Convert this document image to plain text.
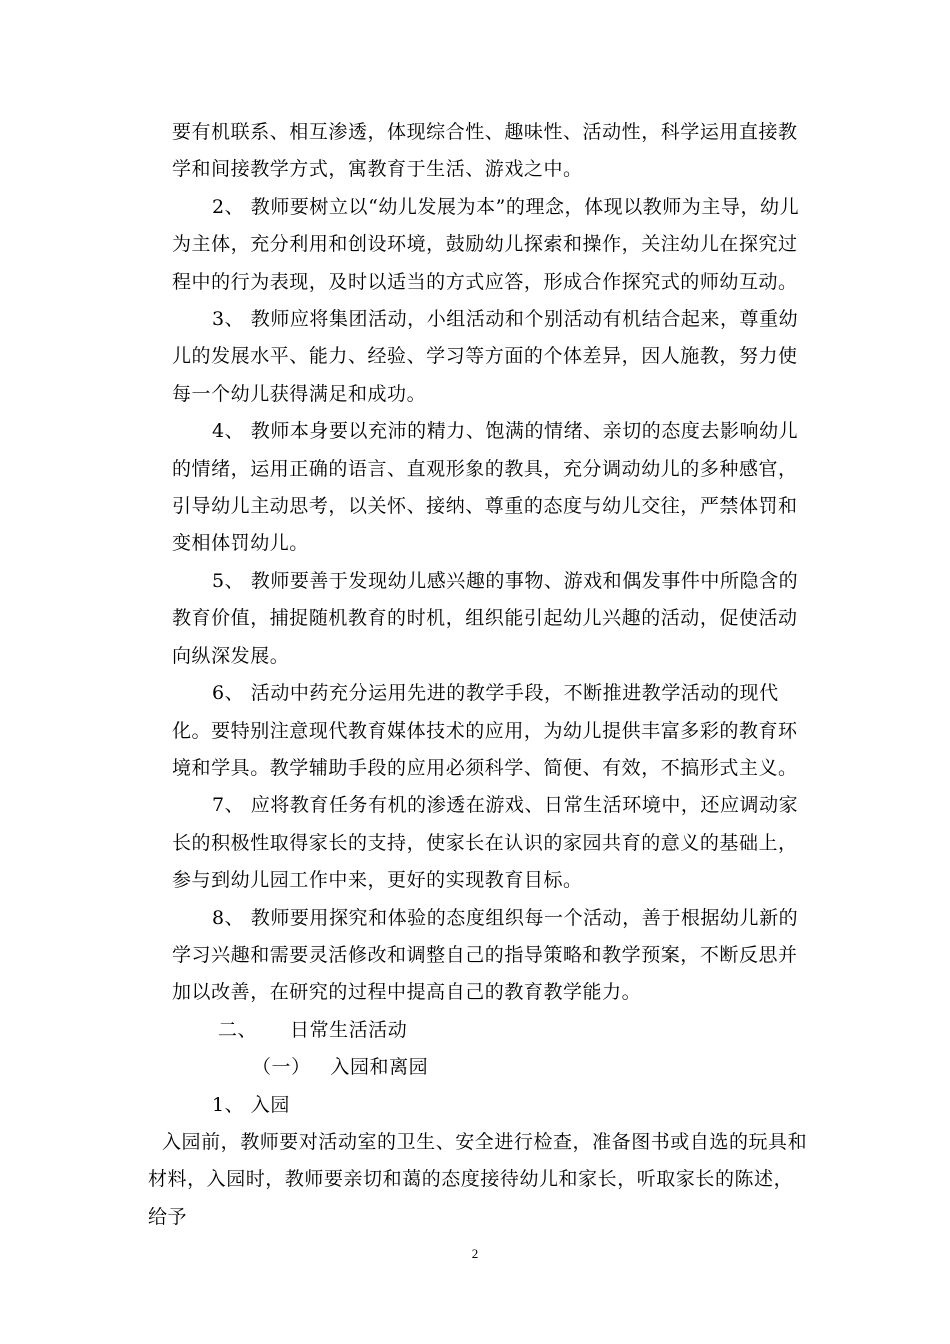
要有机联系、相互渗透，体现综合性、趣味性、活动性，科学运用直接教学和间接教学方式，寓教育于生活、游戏之中。

2、 教师要树立以“幼儿发展为本”的理念，体现以教师为主导，幼儿为主体，充分利用和创设环境，鼓励幼儿探索和操作，关注幼儿在探究过程中的行为表现，及时以适当的方式应答，形成合作探究式的师幼互动。

3、 教师应将集团活动，小组活动和个别活动有机结合起来，尊重幼儿的发展水平、能力、经验、学习等方面的个体差异，因人施教，努力使每一个幼儿获得满足和成功。

4、 教师本身要以充沛的精力、饱满的情绪、亲切的态度去影响幼儿的情绪，运用正确的语言、直观形象的教具，充分调动幼儿的多种感官，引导幼儿主动思考，以关怀、接纳、尊重的态度与幼儿交往，严禁体罚和变相体罚幼儿。

5、 教师要善于发现幼儿感兴趣的事物、游戏和偶发事件中所隐含的教育价值，捕捉随机教育的时机，组织能引起幼儿兴趣的活动，促使活动向纵深发展。

6、 活动中药充分运用先进的教学手段，不断推进教学活动的现代化。要特别注意现代教育媒体技术的应用，为幼儿提供丰富多彩的教育环境和学具。教学辅助手段的应用必须科学、简便、有效，不搞形式主义。

7、 应将教育任务有机的渗透在游戏、日常生活环境中，还应调动家长的积极性取得家长的支持，使家长在认识的家园共育的意义的基础上，参与到幼儿园工作中来，更好的实现教育目标。

8、 教师要用探究和体验的态度组织每一个活动，善于根据幼儿新的学习兴趣和需要灵活修改和调整自己的指导策略和教学预案，不断反思并加以改善，在研究的过程中提高自己的教育教学能力。

二、     日常生活活动

（一）   入园和离园

1、 入园

入园前，教师要对活动室的卫生、安全进行检查，准备图书或自选的玩具和材料，入园时，教师要亲切和蔼的态度接待幼儿和家长，听取家长的陈述，给予

2
